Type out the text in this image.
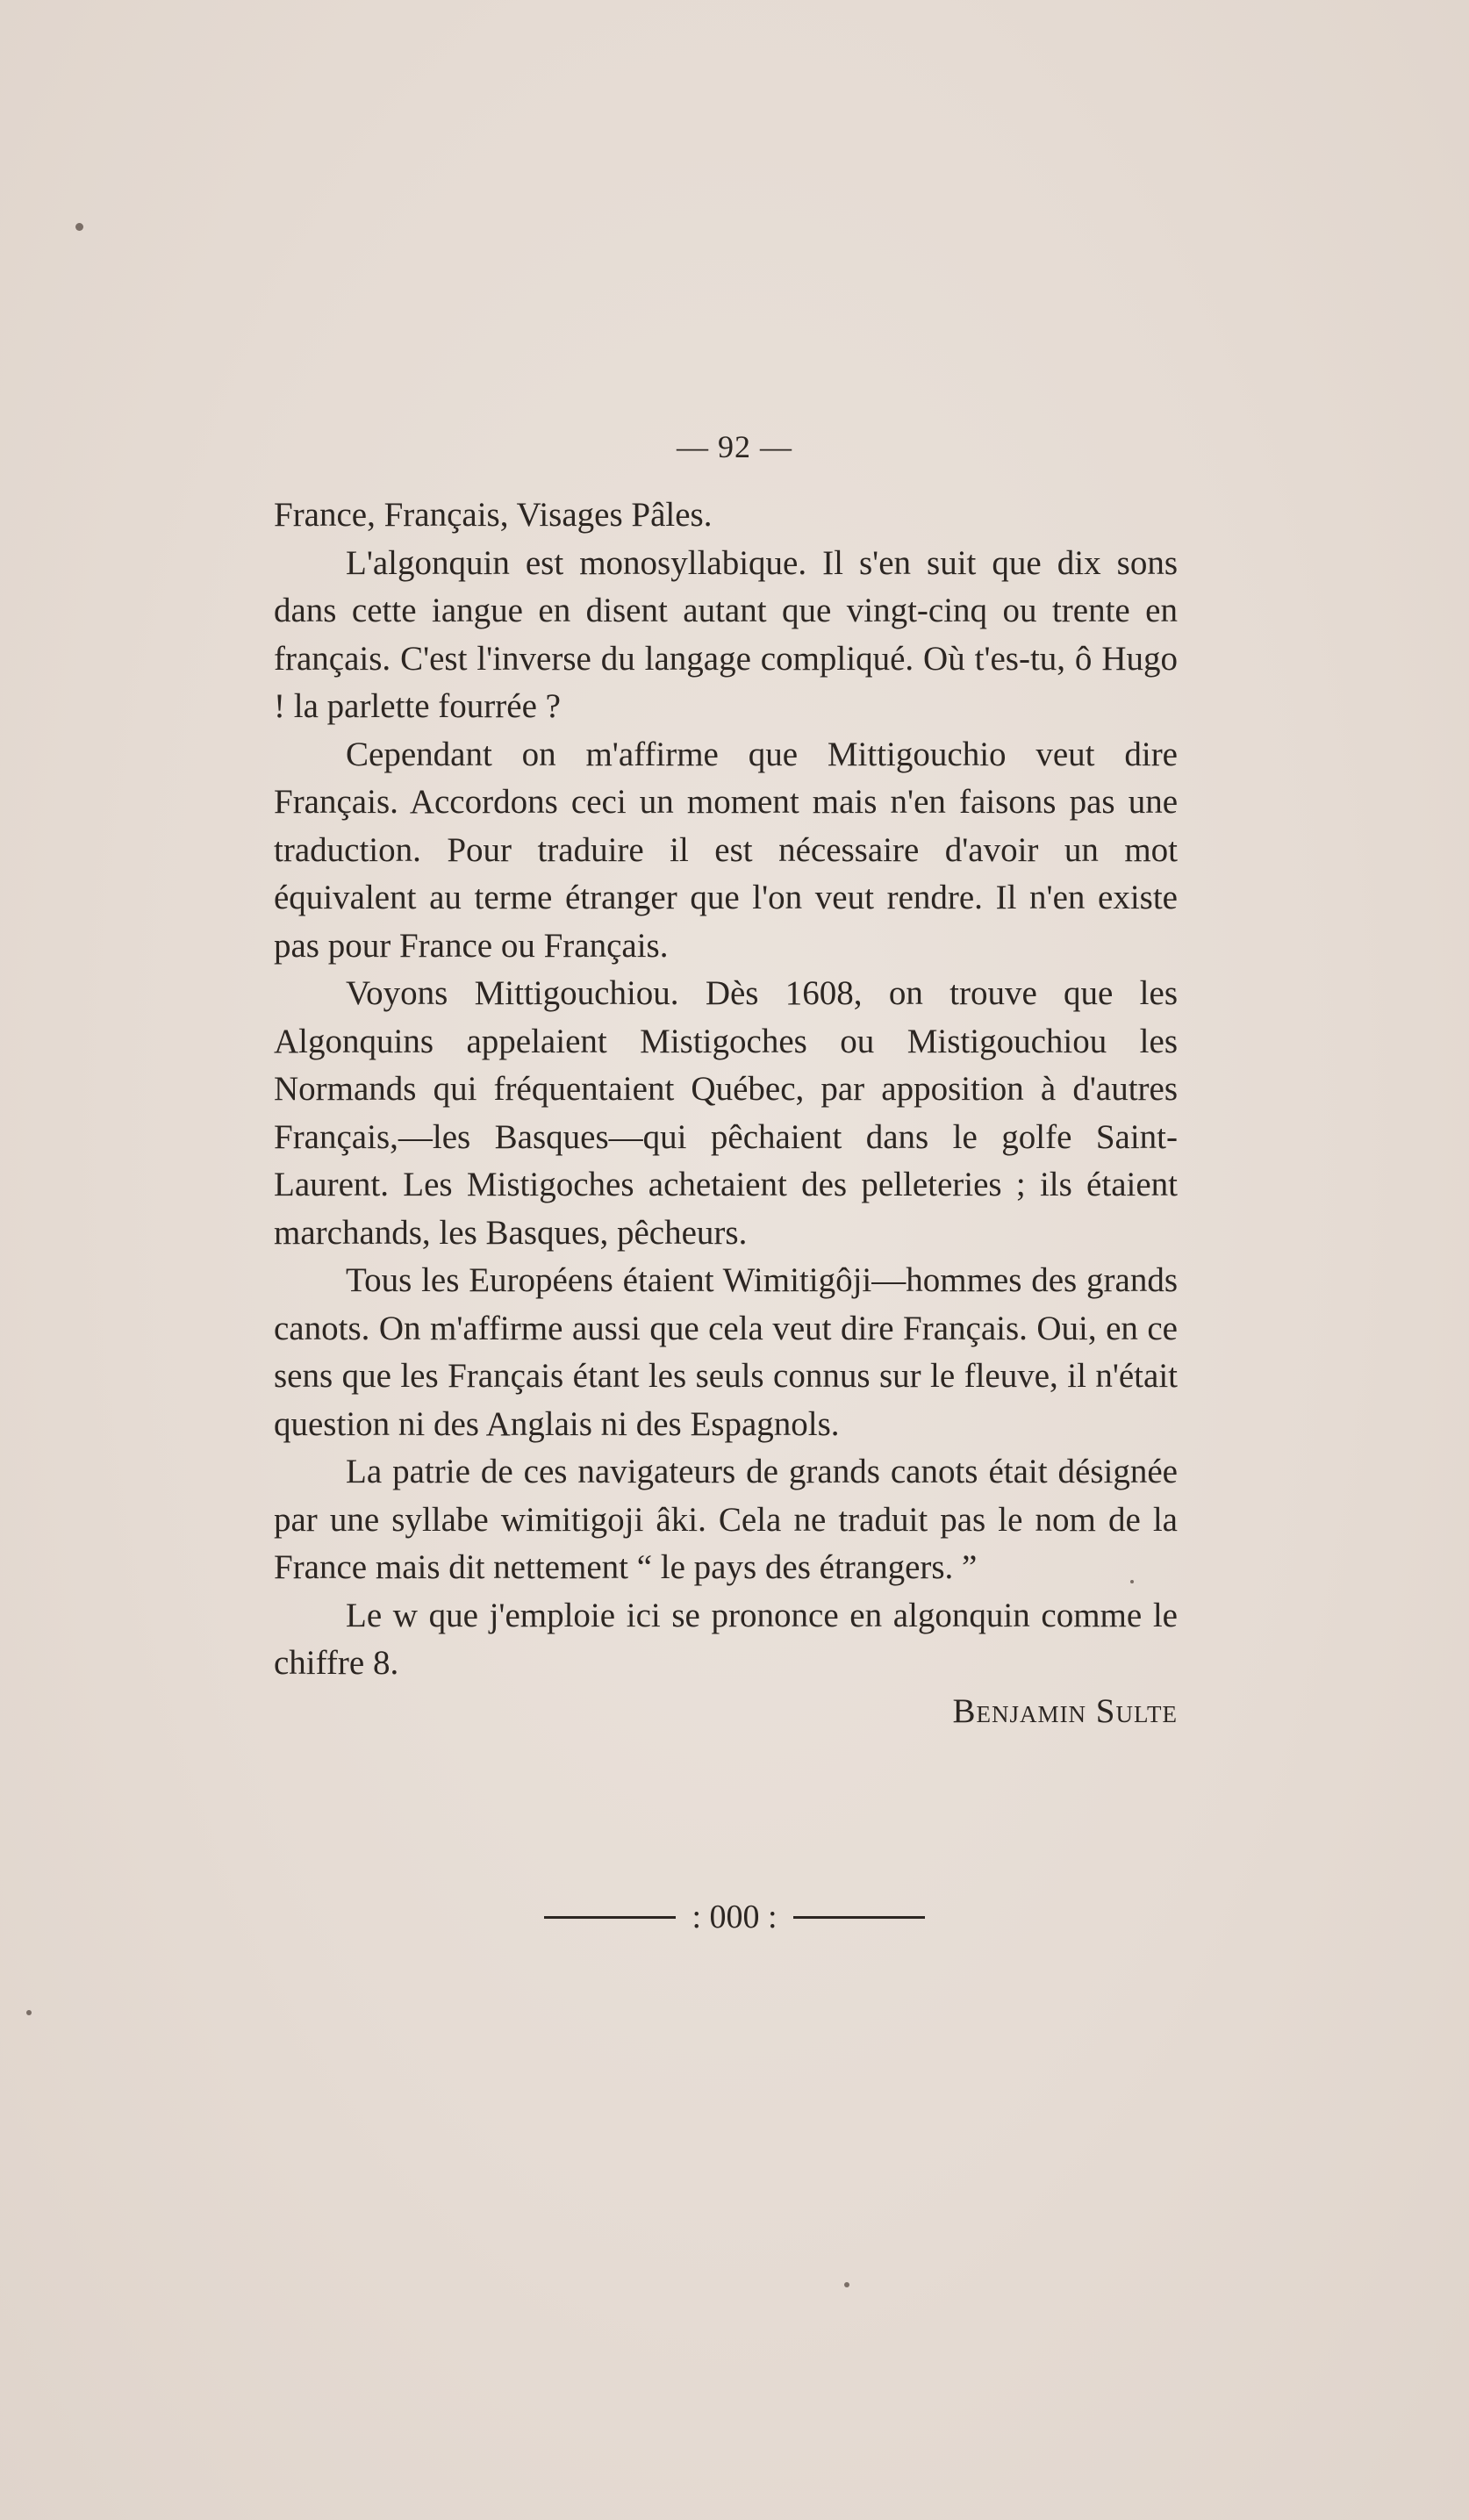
— 92 —

France, Français, Visages Pâles.

L'algonquin est monosyllabique. Il s'en suit que dix sons dans cette iangue en disent autant que vingt-cinq ou trente en français. C'est l'inverse du langage compliqué. Où t'es-tu, ô Hugo ! la parlette fourrée ?

Cependant on m'affirme que Mittigouchio veut dire Français. Accordons ceci un moment mais n'en faisons pas une traduction. Pour traduire il est nécessaire d'avoir un mot équivalent au terme étranger que l'on veut rendre. Il n'en existe pas pour France ou Français.

Voyons Mittigouchiou. Dès 1608, on trouve que les Algonquins appelaient Mistigoches ou Mistigouchiou les Normands qui fréquentaient Québec, par apposition à d'autres Français,—les Basques—qui pêchaient dans le golfe Saint-Laurent. Les Mistigoches achetaient des pelleteries ; ils étaient marchands, les Basques, pêcheurs.

Tous les Européens étaient Wimitigôji—hommes des grands canots. On m'affirme aussi que cela veut dire Français. Oui, en ce sens que les Français étant les seuls connus sur le fleuve, il n'était question ni des Anglais ni des Espagnols.

La patrie de ces navigateurs de grands canots était désignée par une syllabe wimitigoji âki. Cela ne traduit pas le nom de la France mais dit nettement “ le pays des étrangers. ”

Le w que j'emploie ici se prononce en algonquin comme le chiffre 8.

Benjamin Sulte
: 000 :
